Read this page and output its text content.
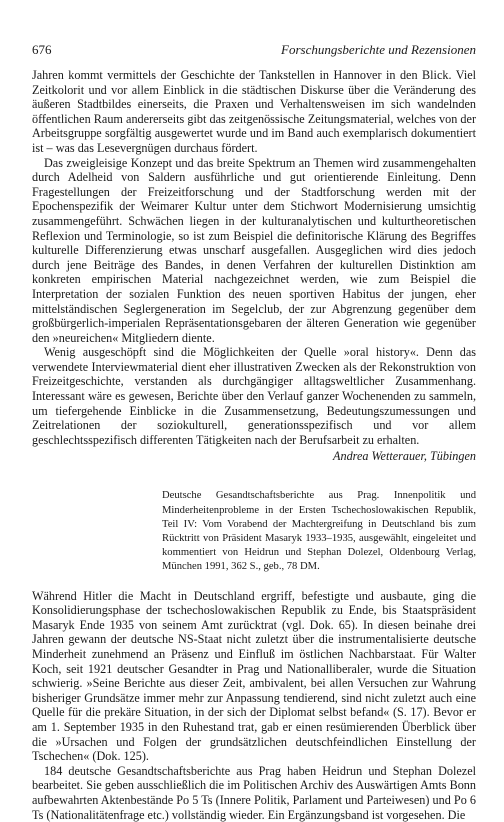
676	Forschungsberichte und Rezensionen

Jahren kommt vermittels der Geschichte der Tankstellen in Hannover in den Blick. Viel Zeitkolorit und vor allem Einblick in die städtischen Diskurse über die Veränderung des äußeren Stadtbildes einerseits, die Praxen und Verhaltensweisen im sich wandelnden öffentlichen Raum andererseits gibt das zeitgenössische Zeitungsmaterial, welches von der Arbeitsgruppe sorgfältig ausgewertet wurde und im Band auch exemplarisch dokumentiert ist – was das Lesevergnügen durchaus fördert.

Das zweigleisige Konzept und das breite Spektrum an Themen wird zusammengehalten durch Adelheid von Saldern ausführliche und gut orientierende Einleitung. Denn Fragestellungen der Freizeitforschung und der Stadtforschung werden mit der Epochenspezifik der Weimarer Kultur unter dem Stichwort Modernisierung umsichtig zusammengeführt. Schwächen liegen in der kulturanalytischen und kulturtheoretischen Reflexion und Terminologie, so ist zum Beispiel die definitorische Klärung des Begriffes kulturelle Differenzierung etwas unscharf ausgefallen. Ausgeglichen wird dies jedoch durch jene Beiträge des Bandes, in denen Verfahren der kulturellen Distinktion am konkreten empirischen Material nachgezeichnet werden, wie zum Beispiel die Interpretation der sozialen Funktion des neuen sportiven Habitus der jungen, eher mittelständischen Seglergeneration im Segelclub, der zur Abgrenzung gegenüber dem großbürgerlich-imperialen Repräsentationsgebaren der älteren Generation wie gegenüber den »neureichen« Mitgliedern diente.

Wenig ausgeschöpft sind die Möglichkeiten der Quelle »oral history«. Denn das verwendete Interviewmaterial dient eher illustrativen Zwecken als der Rekonstruktion von Freizeitgeschichte, verstanden als durchgängiger alltagsweltlicher Zusammenhang. Interessant wäre es gewesen, Berichte über den Verlauf ganzer Wochenenden zu sammeln, um tiefergehende Einblicke in die Zusammensetzung, Bedeutungszumessungen und Zeitrelationen der soziokulturell, generationsspezifisch und vor allem geschlechtsspezifisch differenten Tätigkeiten nach der Berufsarbeit zu erhalten.

Andrea Wetterauer, Tübingen

Deutsche Gesandtschaftsberichte aus Prag. Innenpolitik und Minderheitenprobleme in der Ersten Tschechoslowakischen Republik, Teil IV: Vom Vorabend der Machtergreifung in Deutschland bis zum Rücktritt von Präsident Masaryk 1933–1935, ausgewählt, eingeleitet und kommentiert von Heidrun und Stephan Dolezel, Oldenbourg Verlag, München 1991, 362 S., geb., 78 DM.

Während Hitler die Macht in Deutschland ergriff, befestigte und ausbaute, ging die Konsolidierungsphase der tschechoslowakischen Republik zu Ende, bis Staatspräsident Masaryk Ende 1935 von seinem Amt zurücktrat (vgl. Dok. 65). In diesen beinahe drei Jahren gewann der deutsche NS-Staat nicht zuletzt über die instrumentalisierte deutsche Minderheit zunehmend an Präsenz und Einfluß im östlichen Nachbarstaat. Für Walter Koch, seit 1921 deutscher Gesandter in Prag und Nationalliberaler, wurde die Situation schwierig. »Seine Berichte aus dieser Zeit, ambivalent, bei allen Versuchen zur Wahrung bisheriger Grundsätze immer mehr zur Anpassung tendierend, sind nicht zuletzt auch eine Quelle für die prekäre Situation, in der sich der Diplomat selbst befand« (S. 17). Bevor er am 1. September 1935 in den Ruhestand trat, gab er einen resümierenden Überblick über die »Ursachen und Folgen der grundsätzlichen deutschfeindlichen Einstellung der Tschechen« (Dok. 125).

184 deutsche Gesandtschaftsberichte aus Prag haben Heidrun und Stephan Dolezel bearbeitet. Sie geben ausschließlich die im Politischen Archiv des Auswärtigen Amts Bonn aufbewahrten Aktenbestände Po 5 Ts (Innere Politik, Parlament und Parteiwesen) und Po 6 Ts (Nationalitätenfrage etc.) vollständig wieder. Ein Ergänzungsband ist vorgesehen. Die
